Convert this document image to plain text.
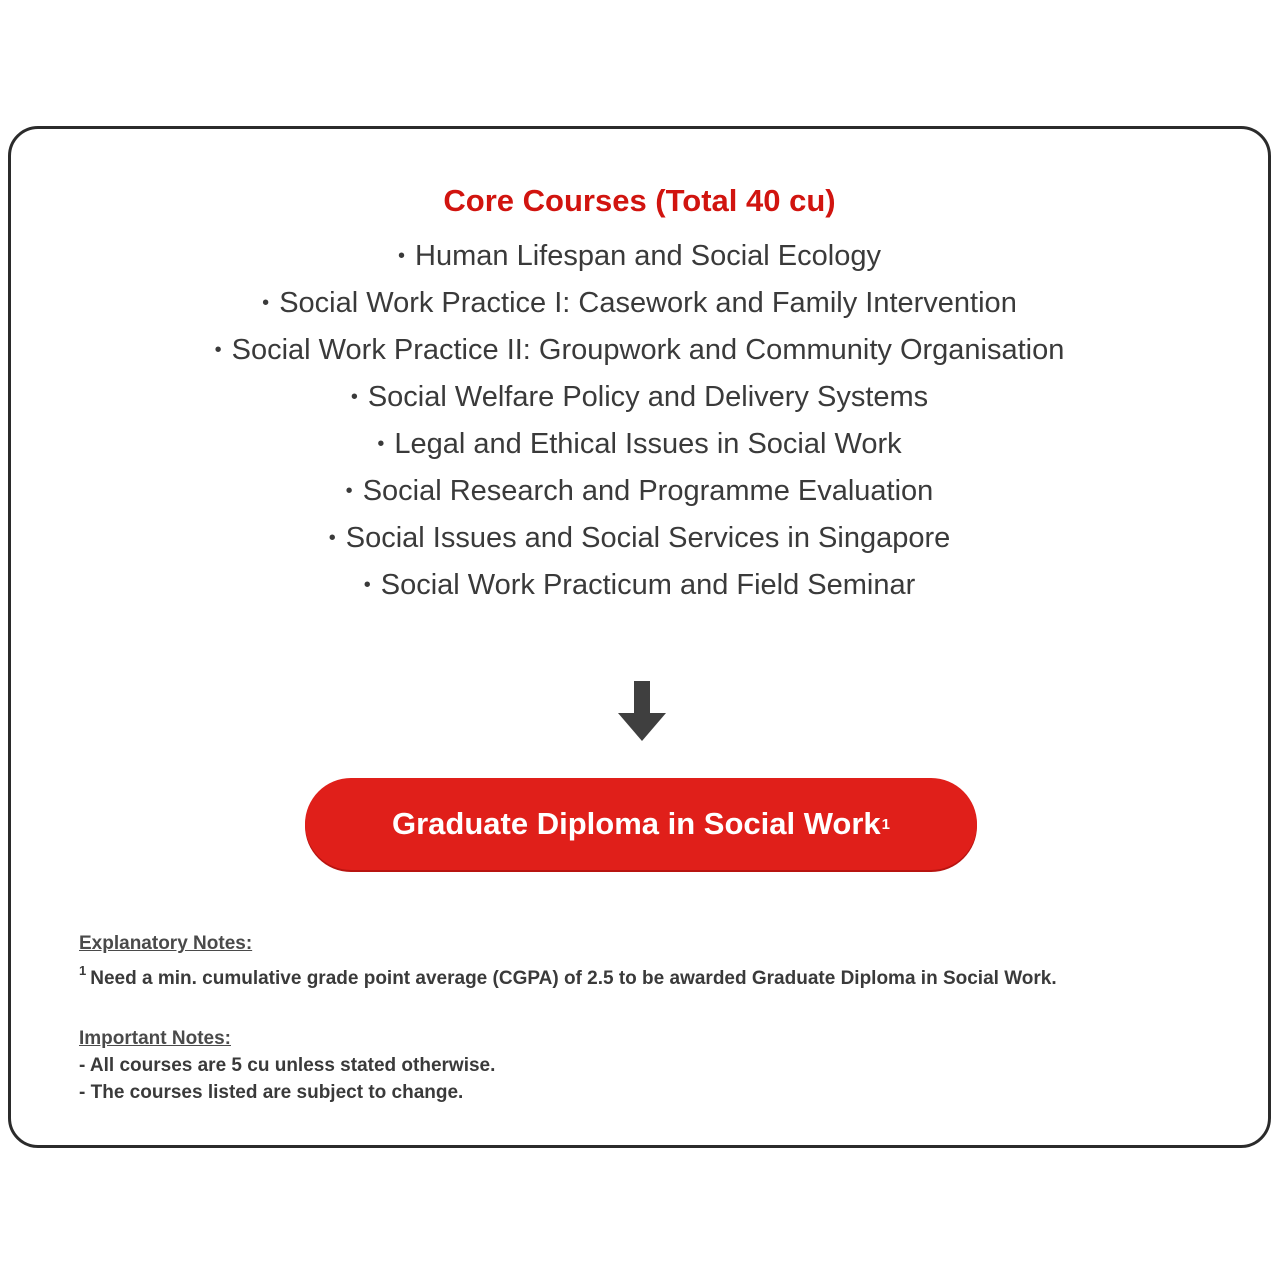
Core Courses (Total 40 cu)
• Human Lifespan and Social Ecology
• Social Work Practice I: Casework and Family Intervention
• Social Work Practice II: Groupwork and Community Organisation
• Social Welfare Policy and Delivery Systems
• Legal and Ethical Issues in Social Work
• Social Research and Programme Evaluation
• Social Issues and Social Services in Singapore
• Social Work Practicum and Field Seminar
Graduate Diploma in Social Work 1
Explanatory Notes:
$^1$ Need a min. cumulative grade point average (CGPA) of 2.5 to be awarded Graduate Diploma in Social Work.
Important Notes:
- All courses are 5 cu unless stated otherwise.
- The courses listed are subject to change.
